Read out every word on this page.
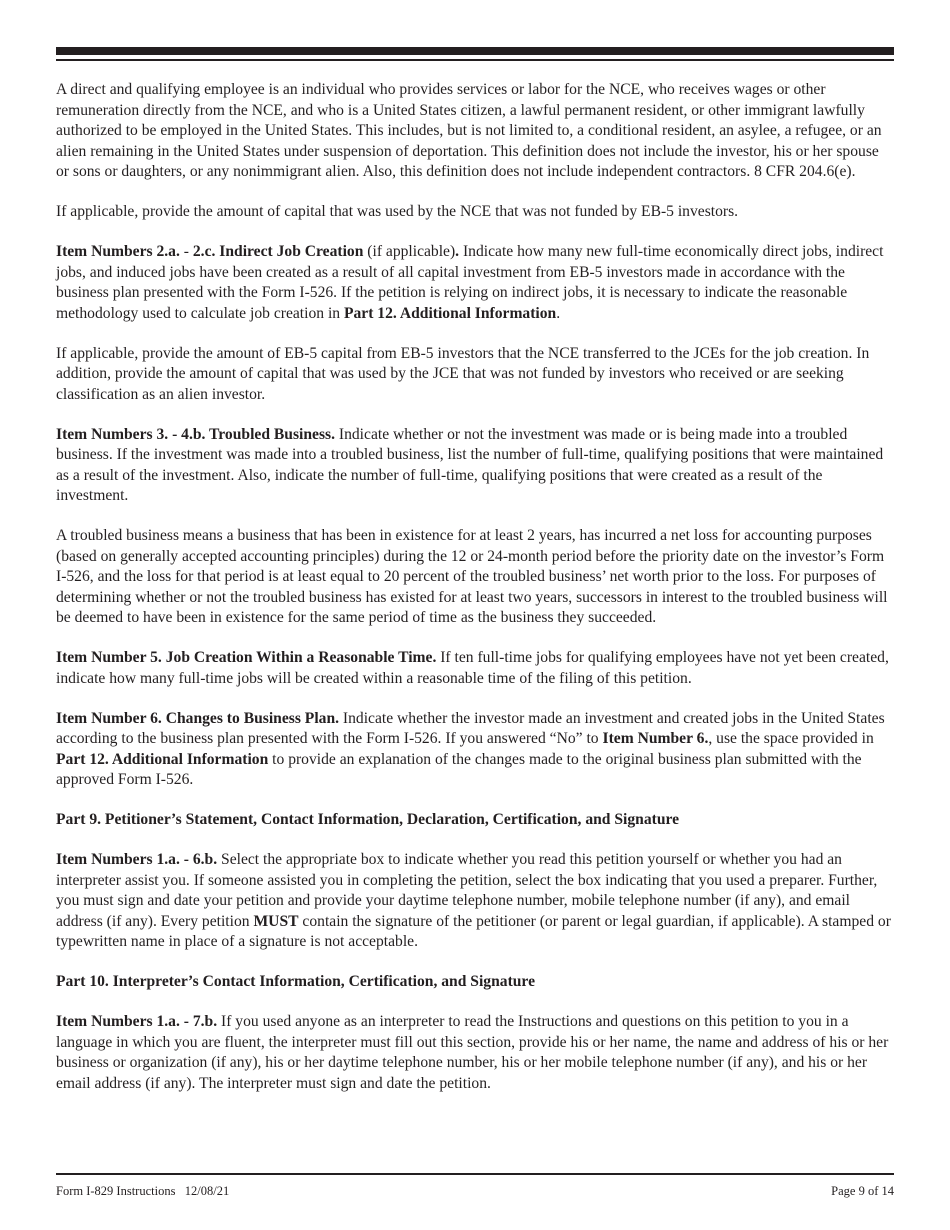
A direct and qualifying employee is an individual who provides services or labor for the NCE, who receives wages or other remuneration directly from the NCE, and who is a United States citizen, a lawful permanent resident, or other immigrant lawfully authorized to be employed in the United States. This includes, but is not limited to, a conditional resident, an asylee, a refugee, or an alien remaining in the United States under suspension of deportation. This definition does not include the investor, his or her spouse or sons or daughters, or any nonimmigrant alien. Also, this definition does not include independent contractors. 8 CFR 204.6(e).

If applicable, provide the amount of capital that was used by the NCE that was not funded by EB-5 investors.

Item Numbers 2.a. - 2.c. Indirect Job Creation (if applicable). Indicate how many new full-time economically direct jobs, indirect jobs, and induced jobs have been created as a result of all capital investment from EB-5 investors made in accordance with the business plan presented with the Form I-526. If the petition is relying on indirect jobs, it is necessary to indicate the reasonable methodology used to calculate job creation in Part 12. Additional Information.

If applicable, provide the amount of EB-5 capital from EB-5 investors that the NCE transferred to the JCEs for the job creation. In addition, provide the amount of capital that was used by the JCE that was not funded by investors who received or are seeking classification as an alien investor.

Item Numbers 3. - 4.b. Troubled Business. Indicate whether or not the investment was made or is being made into a troubled business. If the investment was made into a troubled business, list the number of full-time, qualifying positions that were maintained as a result of the investment. Also, indicate the number of full-time, qualifying positions that were created as a result of the investment.

A troubled business means a business that has been in existence for at least 2 years, has incurred a net loss for accounting purposes (based on generally accepted accounting principles) during the 12 or 24-month period before the priority date on the investor’s Form I-526, and the loss for that period is at least equal to 20 percent of the troubled business’ net worth prior to the loss. For purposes of determining whether or not the troubled business has existed for at least two years, successors in interest to the troubled business will be deemed to have been in existence for the same period of time as the business they succeeded.

Item Number 5. Job Creation Within a Reasonable Time. If ten full-time jobs for qualifying employees have not yet been created, indicate how many full-time jobs will be created within a reasonable time of the filing of this petition.

Item Number 6. Changes to Business Plan. Indicate whether the investor made an investment and created jobs in the United States according to the business plan presented with the Form I-526. If you answered “No” to Item Number 6., use the space provided in Part 12. Additional Information to provide an explanation of the changes made to the original business plan submitted with the approved Form I-526.

Part 9. Petitioner’s Statement, Contact Information, Declaration, Certification, and Signature

Item Numbers 1.a. - 6.b. Select the appropriate box to indicate whether you read this petition yourself or whether you had an interpreter assist you. If someone assisted you in completing the petition, select the box indicating that you used a preparer. Further, you must sign and date your petition and provide your daytime telephone number, mobile telephone number (if any), and email address (if any). Every petition MUST contain the signature of the petitioner (or parent or legal guardian, if applicable). A stamped or typewritten name in place of a signature is not acceptable.

Part 10. Interpreter’s Contact Information, Certification, and Signature

Item Numbers 1.a. - 7.b. If you used anyone as an interpreter to read the Instructions and questions on this petition to you in a language in which you are fluent, the interpreter must fill out this section, provide his or her name, the name and address of his or her business or organization (if any), his or her daytime telephone number, his or her mobile telephone number (if any), and his or her email address (if any). The interpreter must sign and date the petition.

Form I-829 Instructions   12/08/21	Page 9 of 14
